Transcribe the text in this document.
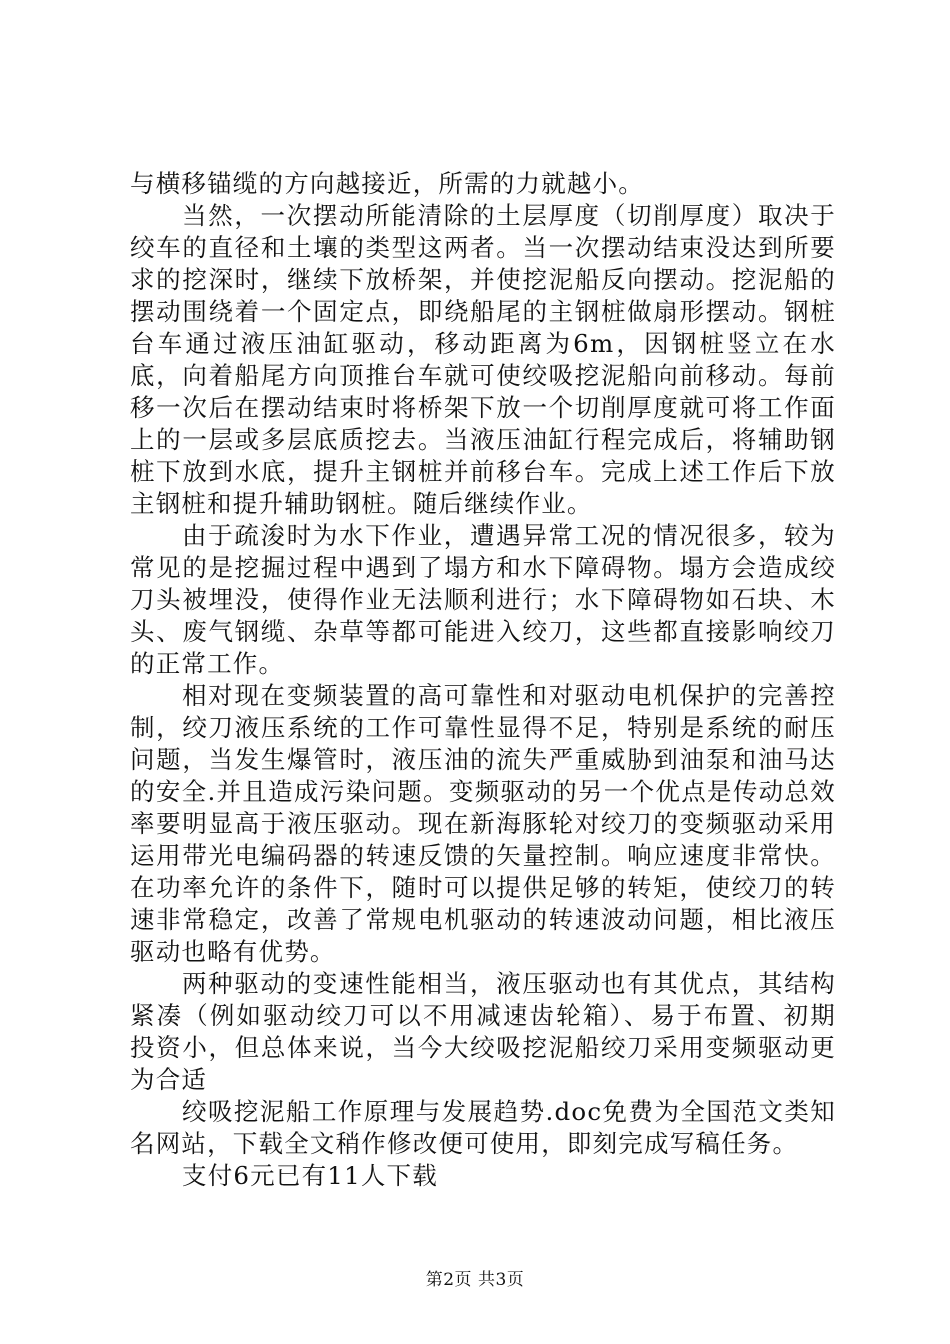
与横移锚缆的方向越接近，所需的力就越小。

当然，一次摆动所能清除的土层厚度（切削厚度）取决于绞车的直径和土壤的类型这两者。当一次摆动结束没达到所要求的挖深时，继续下放桥架，并使挖泥船反向摆动。挖泥船的摆动围绕着一个固定点，即绕船尾的主钢桩做扇形摆动。钢桩台车通过液压油缸驱动，移动距离为6m，因钢桩竖立在水底，向着船尾方向顶推台车就可使绞吸挖泥船向前移动。每前移一次后在摆动结束时将桥架下放一个切削厚度就可将工作面上的一层或多层底质挖去。当液压油缸行程完成后，将辅助钢桩下放到水底，提升主钢桩并前移台车。完成上述工作后下放主钢桩和提升辅助钢桩。随后继续作业。

由于疏浚时为水下作业，遭遇异常工况的情况很多，较为常见的是挖掘过程中遇到了塌方和水下障碍物。塌方会造成绞刀头被埋没，使得作业无法顺利进行；水下障碍物如石块、木头、废气钢缆、杂草等都可能进入绞刀，这些都直接影响绞刀的正常工作。

相对现在变频装置的高可靠性和对驱动电机保护的完善控制，绞刀液压系统的工作可靠性显得不足，特别是系统的耐压问题，当发生爆管时，液压油的流失严重威胁到油泵和油马达的安全.并且造成污染问题。变频驱动的另一个优点是传动总效率要明显高于液压驱动。现在新海豚轮对绞刀的变频驱动采用运用带光电编码器的转速反馈的矢量控制。响应速度非常快。在功率允许的条件下，随时可以提供足够的转矩，使绞刀的转速非常稳定，改善了常规电机驱动的转速波动问题，相比液压驱动也略有优势。

两种驱动的变速性能相当，液压驱动也有其优点，其结构紧凑（例如驱动绞刀可以不用减速齿轮箱）、易于布置、初期投资小，但总体来说，当今大绞吸挖泥船绞刀采用变频驱动更为合适

绞吸挖泥船工作原理与发展趋势.doc免费为全国范文类知名网站，下载全文稍作修改便可使用，即刻完成写稿任务。

支付6元已有11人下载

第2页 共3页
